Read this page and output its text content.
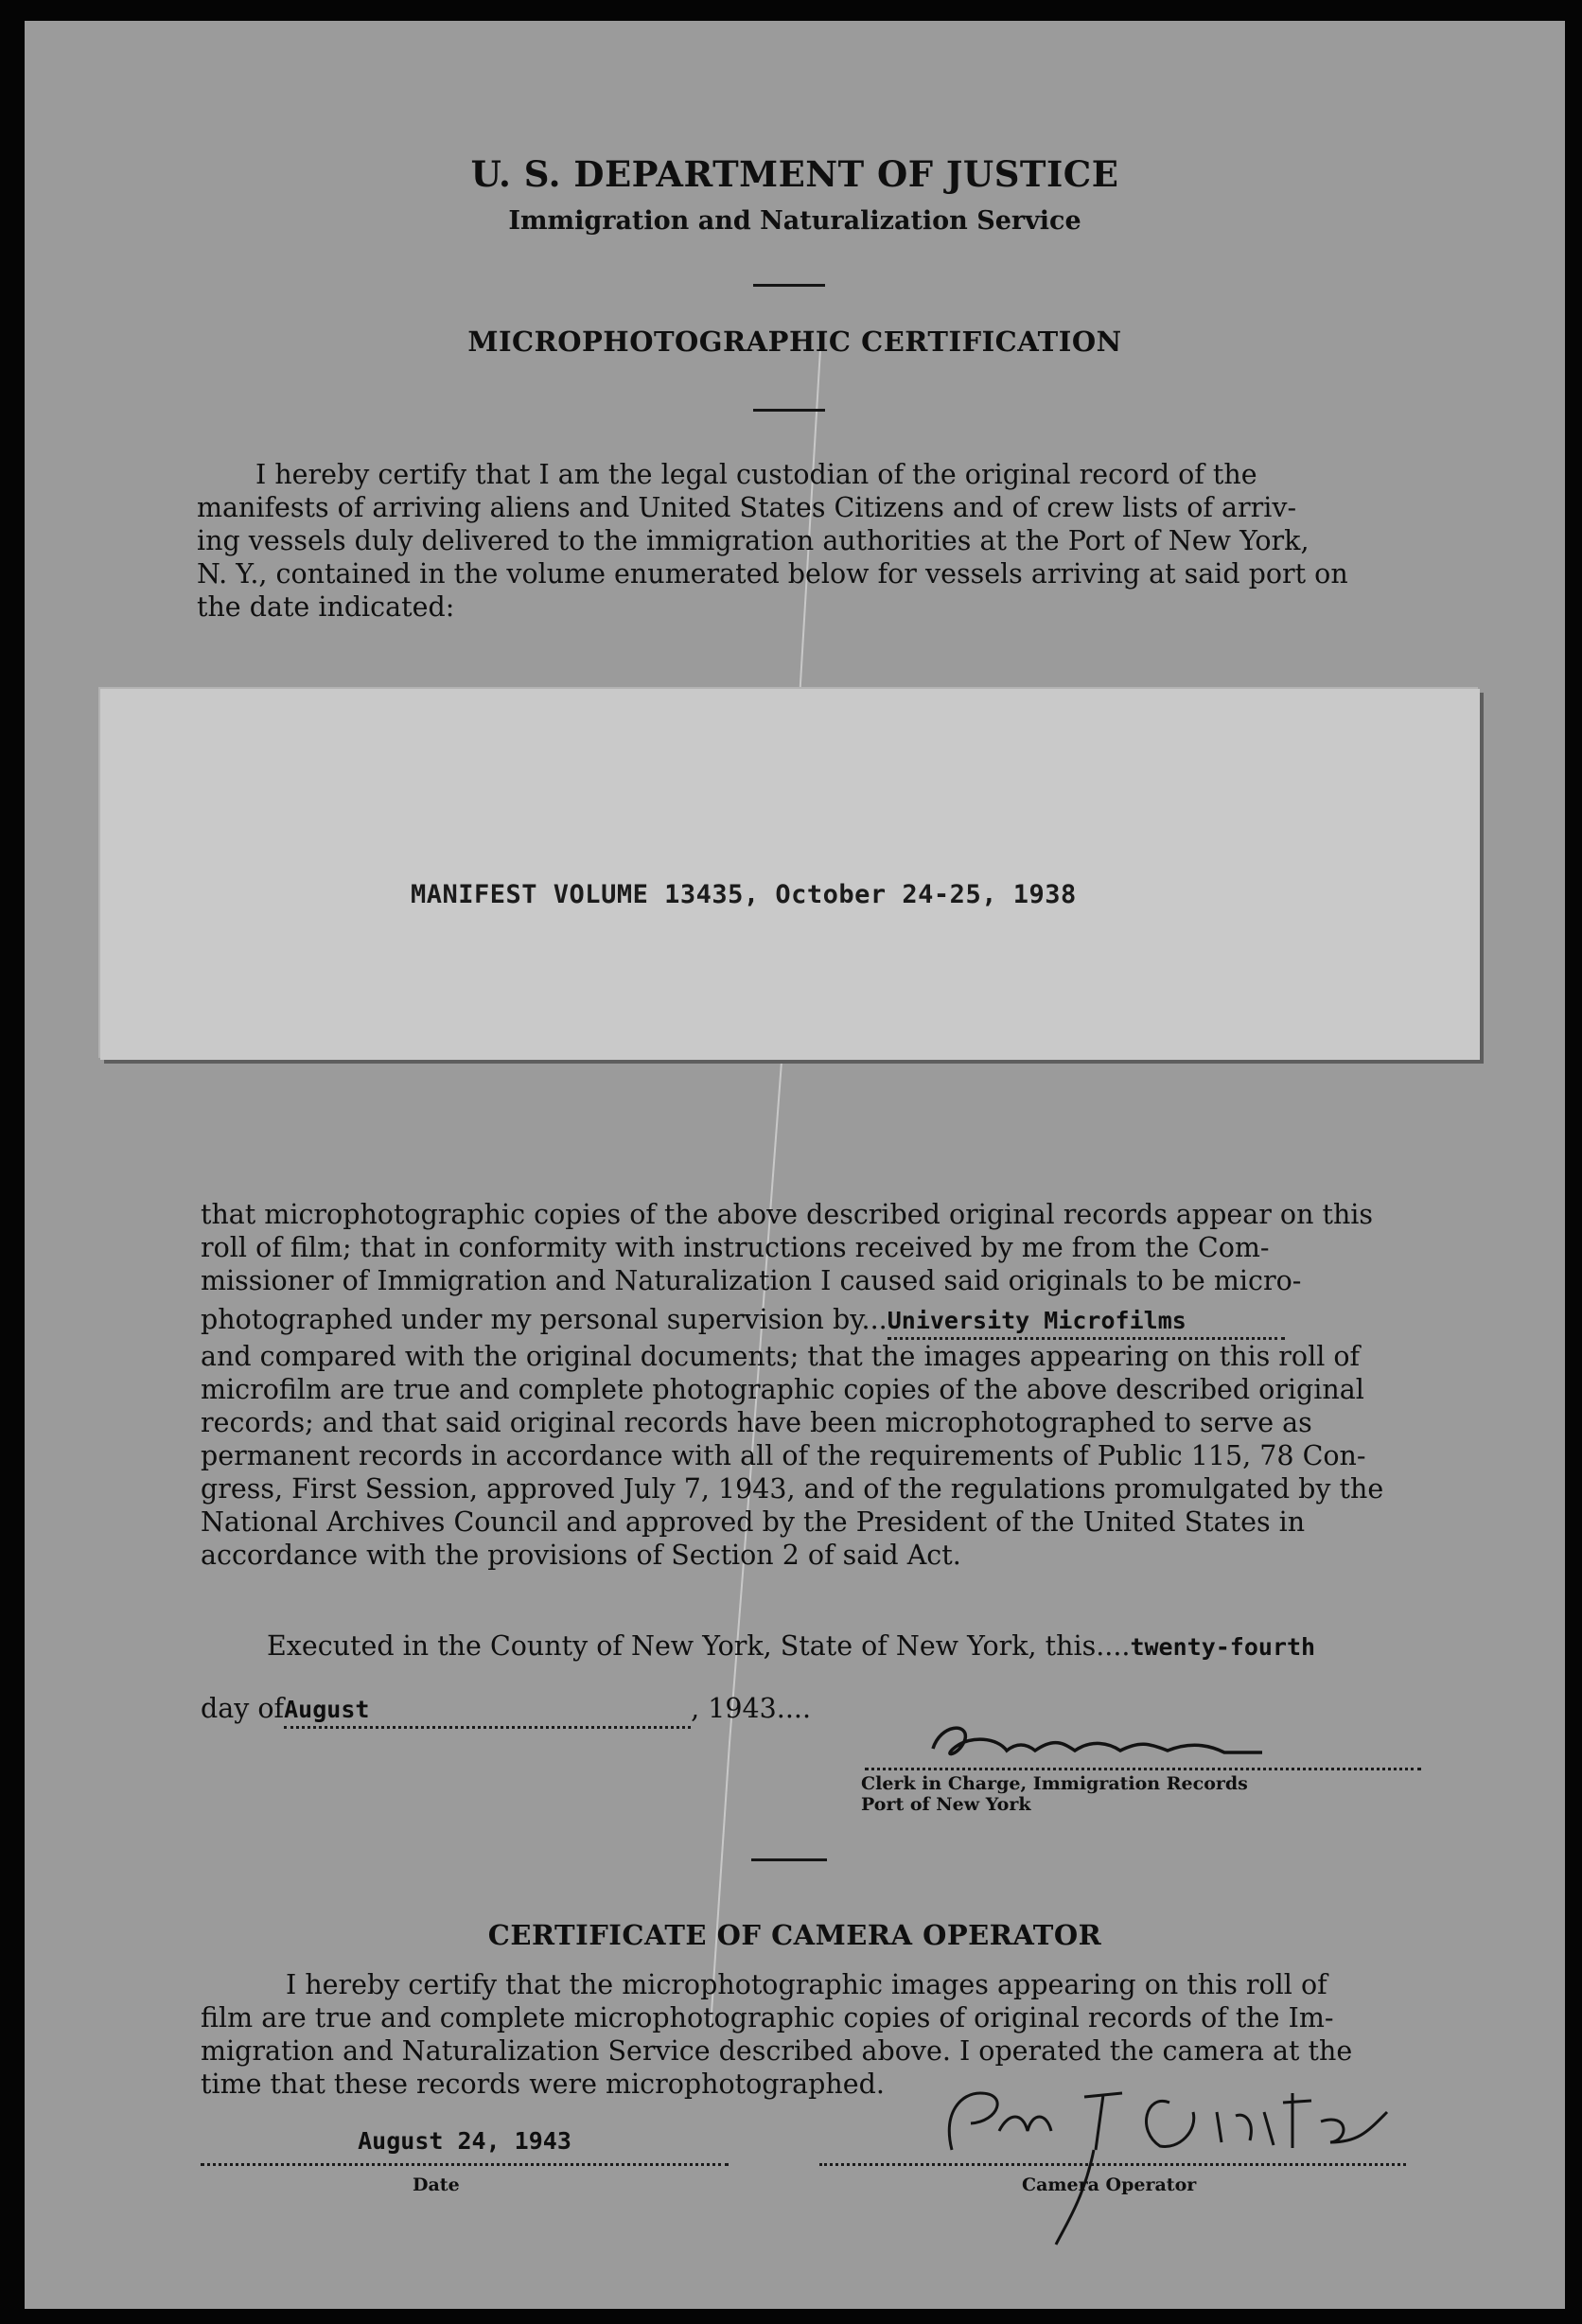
U. S. DEPARTMENT OF JUSTICE
Immigration and Naturalization Service
MICROPHOTOGRAPHIC CERTIFICATION

I hereby certify that I am the legal custodian of the original record of the

manifests of arriving aliens and United States Citizens and of crew lists of arriv-

ing vessels duly delivered to the immigration authorities at the Port of New York,

N. Y., contained in the volume enumerated below for vessels arriving at said port on

the date indicated:

MANIFEST VOLUME 13435, October 24-25, 1938

that microphotographic copies of the above described original records appear on this

roll of film; that in conformity with instructions received by me from the Com-

missioner of Immigration and Naturalization I caused said originals to be micro-

photographed under my personal supervision by...University Microfilms

and compared with the original documents; that the images appearing on this roll of

microfilm are true and complete photographic copies of the above described original

records; and that said original records have been microphotographed to serve as

permanent records in accordance with all of the requirements of Public 115, 78 Con-

gress, First Session, approved July 7, 1943, and of the regulations promulgated by the

National Archives Council and approved by the President of the United States in

accordance with the provisions of Section 2 of said Act.

Executed in the County of New York, State of New York, this....twenty-fourth
day ofAugust	, 1943....
Clerk in Charge, Immigration Records
Port of New York
CERTIFICATE OF CAMERA OPERATOR

I hereby certify that the microphotographic images appearing on this roll of

film are true and complete microphotographic copies of original records of the Im-

migration and Naturalization Service described above. I operated the camera at the

time that these records were microphotographed.

August 24, 1943
Date	Camera Operator
